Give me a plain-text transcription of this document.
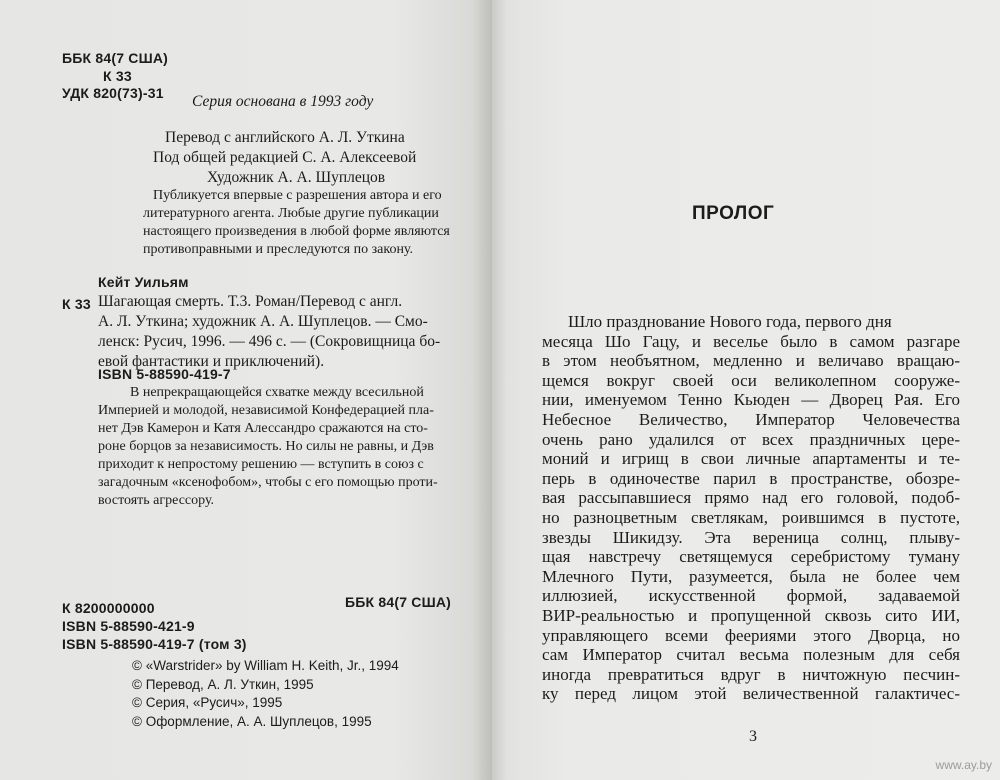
ББК 84(7 США)
К 33
УДК 820(73)-31 Серия основана в 1993 году
Перевод с английского А. Л. Уткина
Под общей редакцией С. А. Алексеевой
Художник А. А. Шуплецов
Публикуется впервые с разрешения автора и его
литературного агента. Любые другие публикации
настоящего произведения в любой форме являются
противоправными и преследуются по закону.
Кейт Уильям
К 33 Шагающая смерть. Т.3. Роман/Перевод с англ.
А. Л. Уткина; художник А. А. Шуплецов. — Смо-
ленск: Русич, 1996. — 496 с. — (Сокровищница бо-
евой фантастики и приключений).
ISBN 5-88590-419-7
В непрекращающейся схватке между всесильной
Империей и молодой, независимой Конфедерацией пла-
нет Дэв Камерон и Катя Алессандро сражаются на сто-
роне борцов за независимость. Но силы не равны, и Дэв
приходит к непростому решению — вступить в союз с
загадочным «ксенофобом», чтобы с его помощью проти-
востоять агрессору.
К 8200000000	ББК 84(7 США)
ISBN 5-88590-421-9
ISBN 5-88590-419-7 (том 3)
© «Warstrider» by William H. Keith, Jr., 1994
© Перевод, А. Л. Уткин, 1995
© Серия, «Русич», 1995
© Оформление, А. А. Шуплецов, 1995
ПРОЛОГ
3
Шло празднование Нового года, первого дня
месяца Шо Гацу, и веселье было в самом разгаре
в этом необъятном, медленно и величаво вращаю-
щемся вокруг своей оси великолепном сооруже-
нии, именуемом Тенно Кьюден — Дворец Рая. Его
Небесное Величество, Император Человечества
очень рано удалился от всех праздничных цере-
моний и игрищ в свои личные апартаменты и те-
перь в одиночестве парил в пространстве, обозре-
вая рассыпавшиеся прямо над его головой, подоб-
но разноцветным светлякам, роившимся в пустоте,
звезды Шикидзу. Эта вереница солнц, плыву-
щая навстречу светящемуся серебристому туману
Млечного Пути, разумеется, была не более чем
иллюзией, искусственной формой, задаваемой
ВИР-реальностью и пропущенной сквозь сито ИИ,
управляющего всеми феериями этого Дворца, но
сам Император считал весьма полезным для себя
иногда превратиться вдруг в ничтожную песчин-
ку перед лицом этой величественной галактичес-
www.ay.by
